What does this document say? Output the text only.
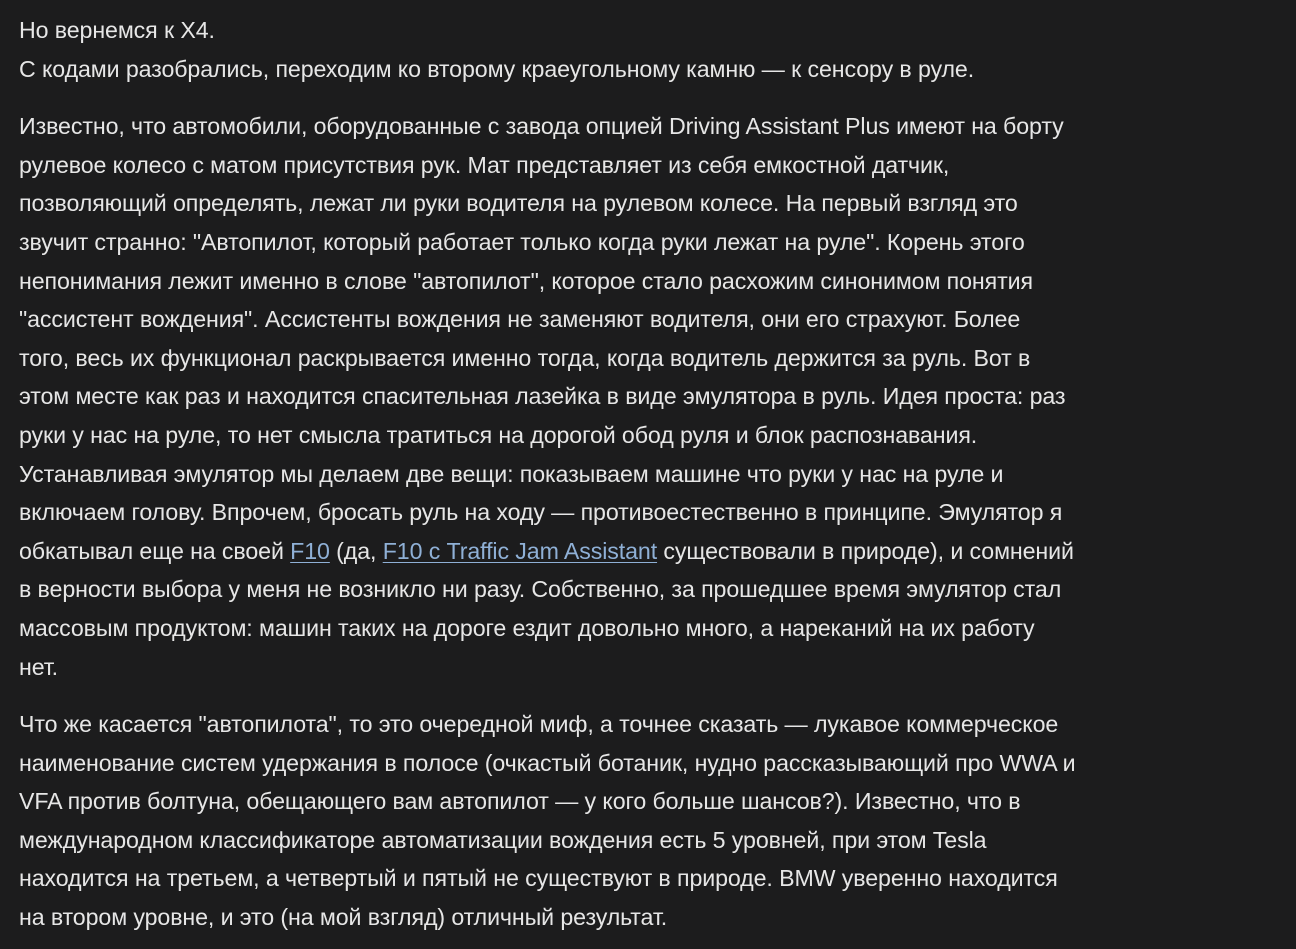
Но вернемся к Х4.
С кодами разобрались, переходим ко второму краеугольному камню — к сенсору в руле.

Известно, что автомобили, оборудованные с завода опцией Driving Assistant Plus имеют на борту
рулевое колесо с матом присутствия рук. Мат представляет из себя емкостной датчик,
позволяющий определять, лежат ли руки водителя на рулевом колесе. На первый взгляд это
звучит странно: "Автопилот, который работает только когда руки лежат на руле". Корень этого
непонимания лежит именно в слове "автопилот", которое стало расхожим синонимом понятия
"ассистент вождения". Ассистенты вождения не заменяют водителя, они его страхуют. Более
того, весь их функционал раскрывается именно тогда, когда водитель держится за руль. Вот в
этом месте как раз и находится спасительная лазейка в виде эмулятора в руль. Идея проста: раз
руки у нас на руле, то нет смысла тратиться на дорогой обод руля и блок распознавания.
Устанавливая эмулятор мы делаем две вещи: показываем машине что руки у нас на руле и
включаем голову. Впрочем, бросать руль на ходу — противоестественно в принципе. Эмулятор я
обкатывал еще на своей F10 (да, F10 с Traffic Jam Assistant существовали в природе), и сомнений
в верности выбора у меня не возникло ни разу. Собственно, за прошедшее время эмулятор стал
массовым продуктом: машин таких на дороге ездит довольно много, а нареканий на их работу
нет.

Что же касается "автопилота", то это очередной миф, а точнее сказать — лукавое коммерческое
наименование систем удержания в полосе (очкастый ботаник, нудно рассказывающий про WWA и
VFA против болтуна, обещающего вам автопилот — у кого больше шансов?). Известно, что в
международном классификаторе автоматизации вождения есть 5 уровней, при этом Tesla
находится на третьем, а четвертый и пятый не существуют в природе. BMW уверенно находится
на втором уровне, и это (на мой взгляд) отличный результат.
